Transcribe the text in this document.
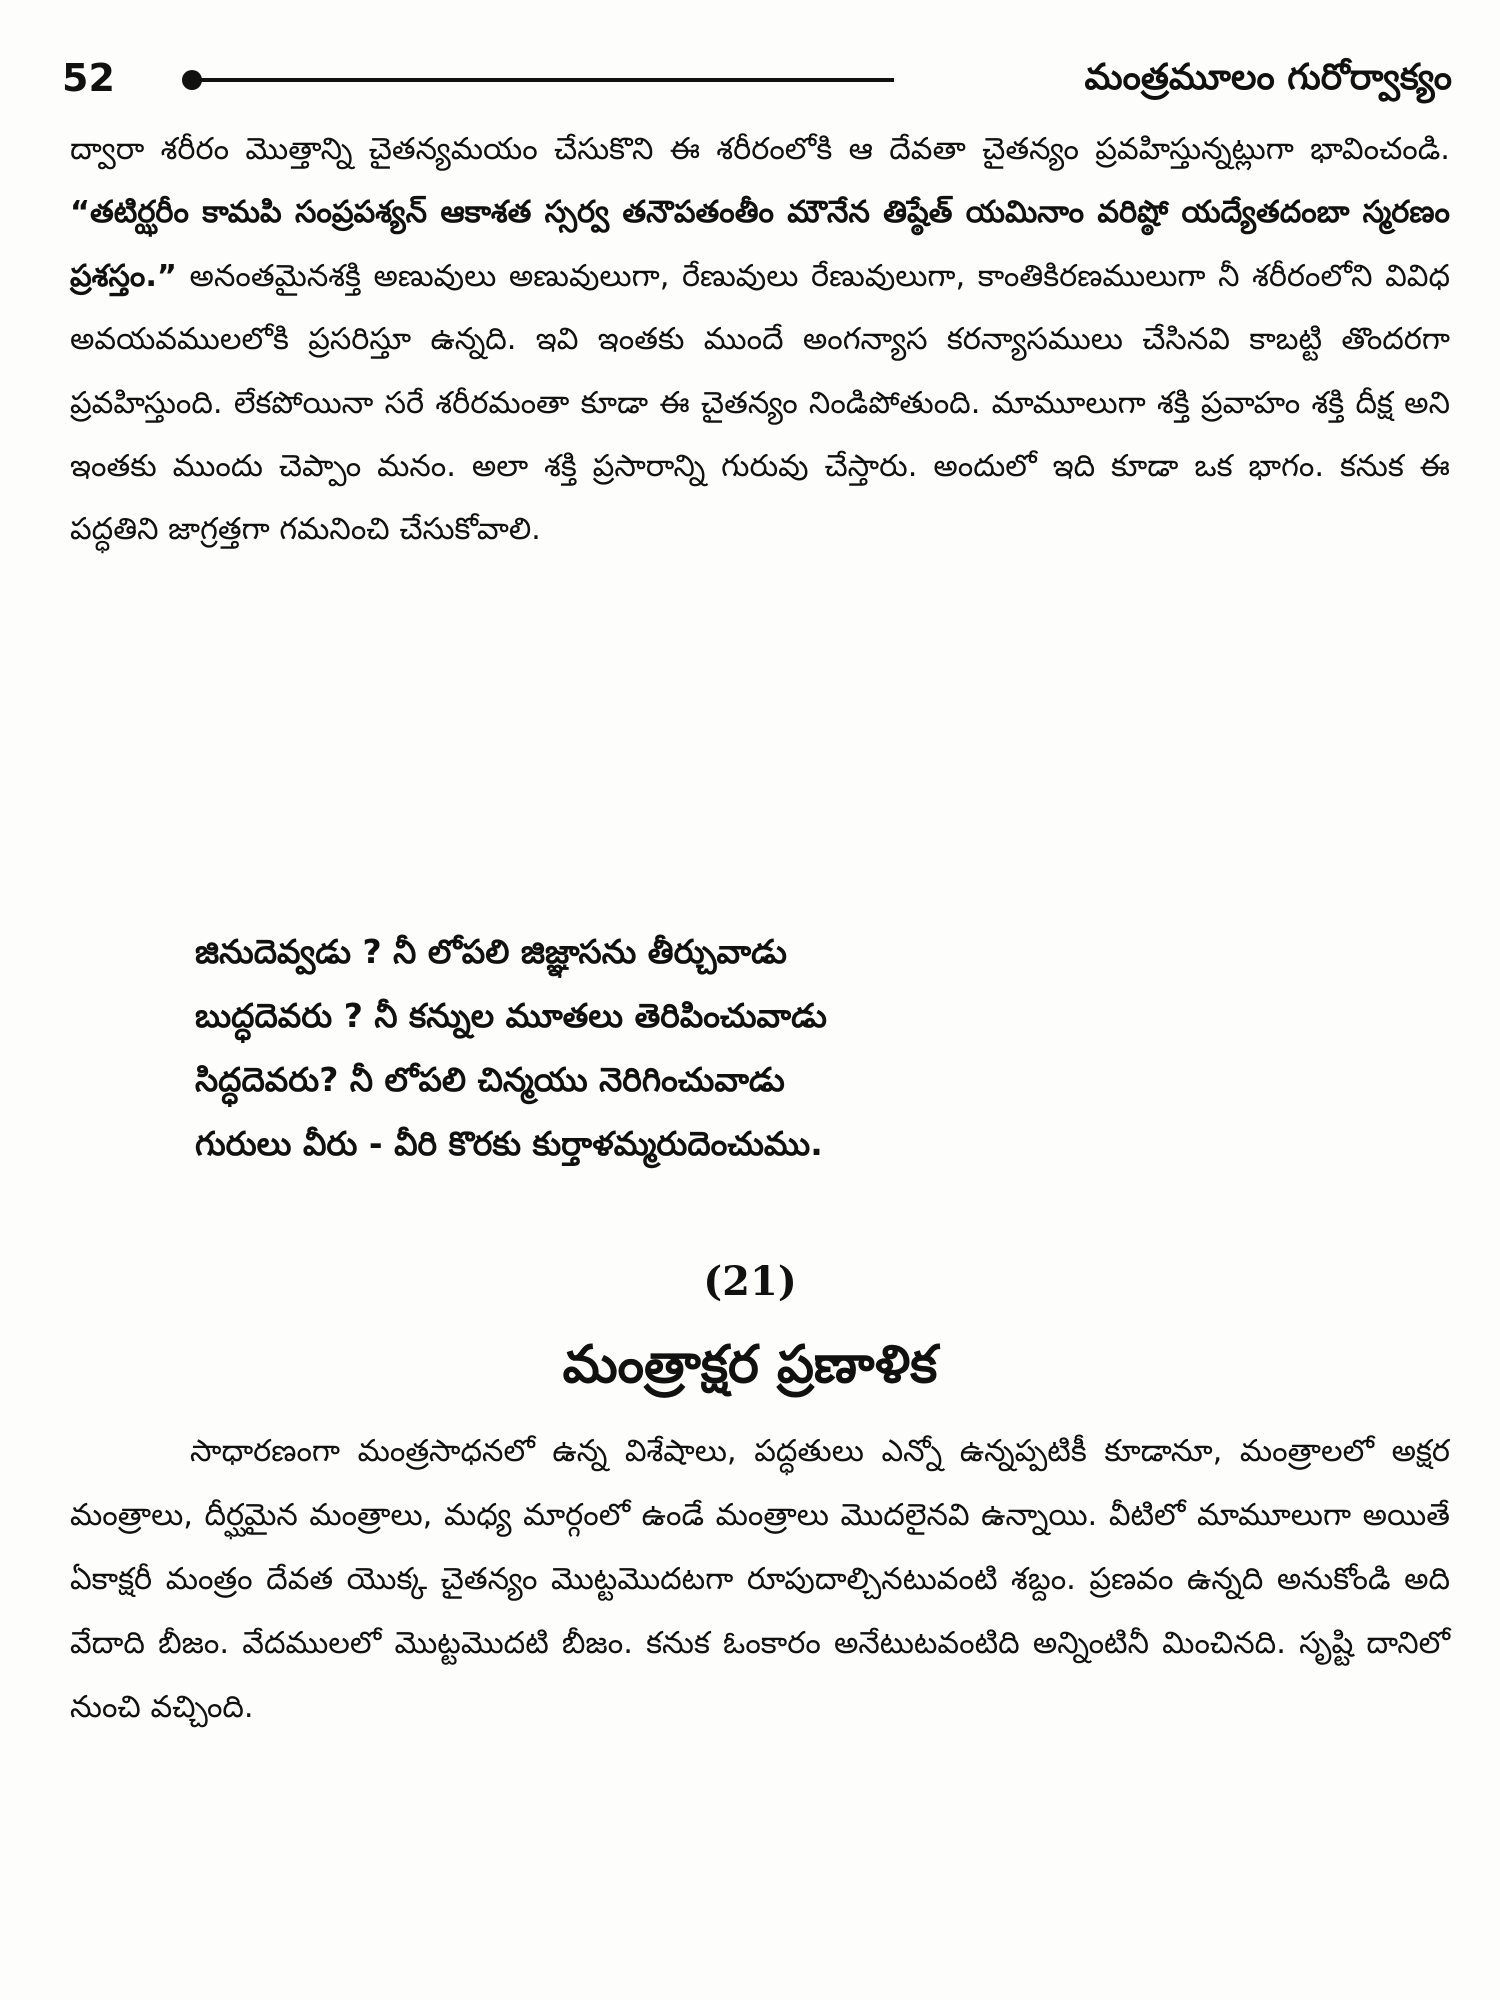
52	మంత్రమూలం గురోర్వాక్యం

ద్వారా శరీరం మొత్తాన్ని చైతన్యమయం చేసుకొని ఈ శరీరంలోకి ఆ దేవతా చైతన్యం ప్రవహిస్తున్నట్లుగా భావించండి. “తటిర్ఝరీం కామపి సంప్రపశ్యన్ ఆకాశత స్సర్వ తనౌపతంతీం మౌనేన తిష్ఠేత్ యమినాం వరిష్ఠో యద్యేతదంబా స్మరణం ప్రశస్తం.” అనంతమైనశక్తి అణువులు అణువులుగా, రేణువులు రేణువులుగా, కాంతికిరణములుగా నీ శరీరంలోని వివిధ అవయవములలోకి ప్రసరిస్తూ ఉన్నది. ఇవి ఇంతకు ముందే అంగన్యాస కరన్యాసములు చేసినవి కాబట్టి తొందరగా ప్రవహిస్తుంది. లేకపోయినా సరే శరీరమంతా కూడా ఈ చైతన్యం నిండిపోతుంది. మామూలుగా శక్తి ప్రవాహం శక్తి దీక్ష అని ఇంతకు ముందు చెప్పాం మనం. అలా శక్తి ప్రసారాన్ని గురువు చేస్తారు. అందులో ఇది కూడా ఒక భాగం. కనుక ఈ పద్ధతిని జాగ్రత్తగా గమనించి చేసుకోవాలి.

జినుదెవ్వడు ? నీ లోపలి జిజ్ఞాసను తీర్చువాడు
బుద్ధదెవరు ? నీ కన్నుల మూతలు తెరిపించువాడు
సిద్ధదెవరు? నీ లోపలి చిన్మయు నెరిగించువాడు
గురులు వీరు - వీరి కొరకు కుర్తాళమ్మరుదెంచుము.
(21)
మంత్రాక్షర ప్రణాళిక

సాధారణంగా మంత్రసాధనలో ఉన్న విశేషాలు, పద్ధతులు ఎన్నో ఉన్నప్పటికీ కూడానూ, మంత్రాలలో అక్షర మంత్రాలు, దీర్ఘమైన మంత్రాలు, మధ్య మార్గంలో ఉండే మంత్రాలు మొదలైనవి ఉన్నాయి. వీటిలో మామూలుగా అయితే ఏకాక్షరీ మంత్రం దేవత యొక్క చైతన్యం మొట్టమొదటగా రూపుదాల్చినటువంటి శబ్దం. ప్రణవం ఉన్నది అనుకోండి అది వేదాది బీజం. వేదములలో మొట్టమొదటి బీజం. కనుక ఓంకారం అనేటుటవంటిది అన్నింటినీ మించినది. సృష్టి దానిలో నుంచి వచ్చింది.
